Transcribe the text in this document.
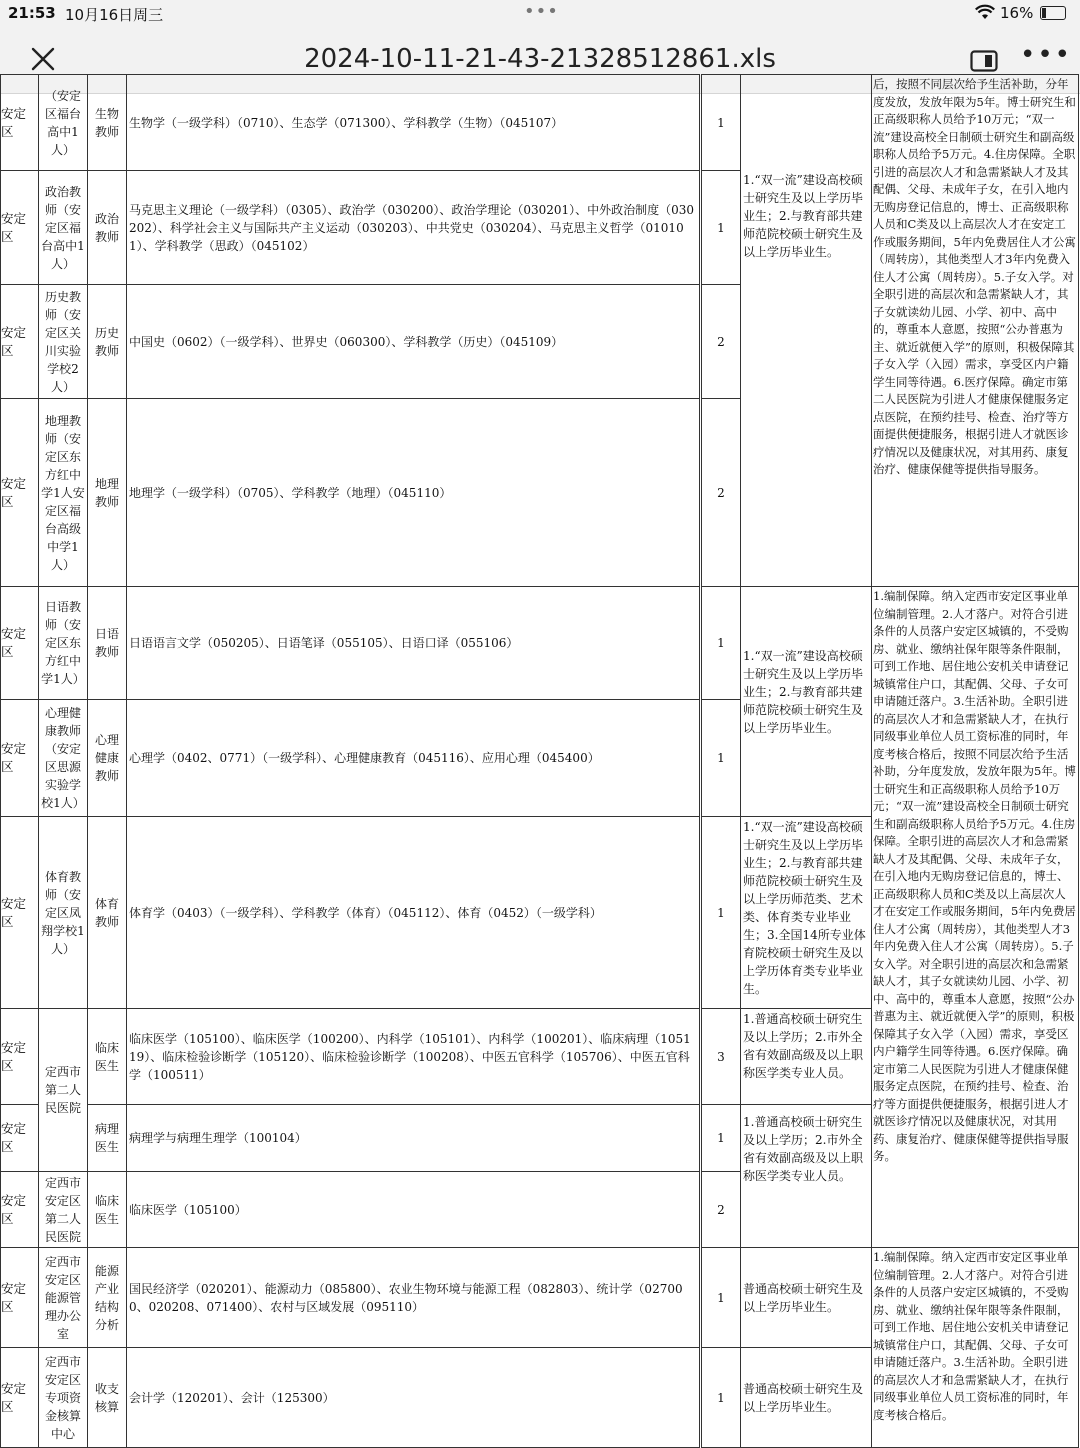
21:53 10月16日周三	•••	16%
2024-10-11-21-43-21328512861.xls	•••
安定区	（安定区福台高中1人）	生物教师	生物学（一级学科）（0710）、生态学（071300）、学科教学（生物）（045107）	1	1.“双一流”建设高校硕士研究生及以上学历毕业生；2.与教育部共建师范院校硕士研究生及以上学历毕业生。	后，按照不同层次给予生活补助，分年度发放，发放年限为5年。博士研究生和正高级职称人员给予10万元；“双一流”建设高校全日制硕士研究生和副高级职称人员给予5万元。4.住房保障。全职引进的高层次人才和急需紧缺人才及其配偶、父母、未成年子女，在引入地内无购房登记信息的，博士、正高级职称人员和C类及以上高层次人才在安定工作或服务期间，5年内免费居住人才公寓（周转房），其他类型人才3年内免费入住人才公寓（周转房）。5.子女入学。对全职引进的高层次和急需紧缺人才，其子女就读幼儿园、小学、初中、高中的，尊重本人意愿，按照“公办普惠为主、就近就便入学”的原则，积极保障其子女入学（入园）需求，享受区内户籍学生同等待遇。6.医疗保障。确定市第二人民医院为引进人才健康保健服务定点医院，在预约挂号、检查、治疗等方面提供便捷服务，根据引进人才就医诊疗情况以及健康状况，对其用药、康复治疗、健康保健等提供指导服务。
安定区	政治教师（安定区福台高中1人）	政治教师	马克思主义理论（一级学科）（0305）、政治学（030200）、政治学理论（030201）、中外政治制度（030202）、科学社会主义与国际共产主义运动（030203）、中共党史（030204）、马克思主义哲学（010101）、学科教学（思政）（045102）	1		
安定区	历史教师（安定区关川实验学校2人）	历史教师	中国史（0602）（一级学科）、世界史（060300）、学科教学（历史）（045109）	2		
安定区	地理教师（安定区东方红中学1人安定区福台高级中学1人）	地理教师	地理学（一级学科）（0705）、学科教学（地理）（045110）	2		
安定区	日语教师（安定区东方红中学1人）	日语教师	日语语言文学（050205）、日语笔译（055105）、日语口译（055106）	1	1.“双一流”建设高校硕士研究生及以上学历毕业生；2.与教育部共建师范院校硕士研究生及以上学历毕业生。	1.编制保障。纳入定西市安定区事业单位编制管理。2.人才落户。对符合引进条件的人员落户安定区城镇的，不受购房、就业、缴纳社保年限等条件限制，可到工作地、居住地公安机关申请登记城镇常住户口，其配偶、父母、子女可申请随迁落户。3.生活补助。全职引进的高层次人才和急需紧缺人才，在执行同级事业单位人员工资标准的同时，年度考核合格后，按照不同层次给予生活补助，分年度发放，发放年限为5年。博士研究生和正高级职称人员给予10万元；“双一流”建设高校全日制硕士研究生和副高级职称人员给予5万元。4.住房保障。全职引进的高层次人才和急需紧缺人才及其配偶、父母、未成年子女，在引入地内无购房登记信息的，博士、正高级职称人员和C类及以上高层次人才在安定工作或服务期间，5年内免费居住人才公寓（周转房），其他类型人才3年内免费入住人才公寓（周转房）。5.子女入学。对全职引进的高层次和急需紧缺人才，其子女就读幼儿园、小学、初中、高中的，尊重本人意愿，按照“公办普惠为主、就近就便入学”的原则，积极保障其子女入学（入园）需求，享受区内户籍学生同等待遇。6.医疗保障。确定市第二人民医院为引进人才健康保健服务定点医院，在预约挂号、检查、治疗等方面提供便捷服务，根据引进人才就医诊疗情况以及健康状况，对其用药、康复治疗、健康保健等提供指导服务。
安定区	心理健康教师（安定区思源实验学校1人）	心理健康教师	心理学（0402、0771）（一级学科）、心理健康教育（045116）、应用心理（045400）	1		
安定区	体育教师（安定区凤翔学校1人）	体育教师	体育学（0403）（一级学科）、学科教学（体育）（045112）、体育（0452）（一级学科）	1	1.“双一流”建设高校硕士研究生及以上学历毕业生；2.与教育部共建师范院校硕士研究生及以上学历师范类、艺术类、体育类专业毕业生；3.全国14所专业体育院校硕士研究生及以上学历体育类专业毕业生。	
安定区	定西市第二人民医院	临床医生	临床医学（105100）、临床医学（100200）、内科学（105101）、内科学（100201）、临床病理（105119）、临床检验诊断学（105120）、临床检验诊断学（100208）、中医五官科学（105706）、中医五官科学（100511）	3	1.普通高校硕士研究生及以上学历；2.市外全省有效副高级及以上职称医学类专业人员。	
安定区		病理医生	病理学与病理生理学（100104）	1	1.普通高校硕士研究生及以上学历；2.市外全省有效副高级及以上职称医学类专业人员。	
安定区	定西市安定区第二人民医院	临床医生	临床医学（105100）	2		
安定区	定西市安定区能源管理办公室	能源产业结构分析	国民经济学（020201）、能源动力（085800）、农业生物环境与能源工程（082803）、统计学（027000、020208、071400）、农村与区域发展（095110）	1	普通高校硕士研究生及以上学历毕业生。	1.编制保障。纳入定西市安定区事业单位编制管理。2.人才落户。对符合引进条件的人员落户安定区城镇的，不受购房、就业、缴纳社保年限等条件限制，可到工作地、居住地公安机关申请登记城镇常住户口，其配偶、父母、子女可申请随迁落户。3.生活补助。全职引进的高层次人才和急需紧缺人才，在执行同级事业单位人员工资标准的同时，年度考核合格后。
安定区	定西市安定区专项资金核算中心	收支核算	会计学（120201）、会计（125300）	1	普通高校硕士研究生及以上学历毕业生。	
